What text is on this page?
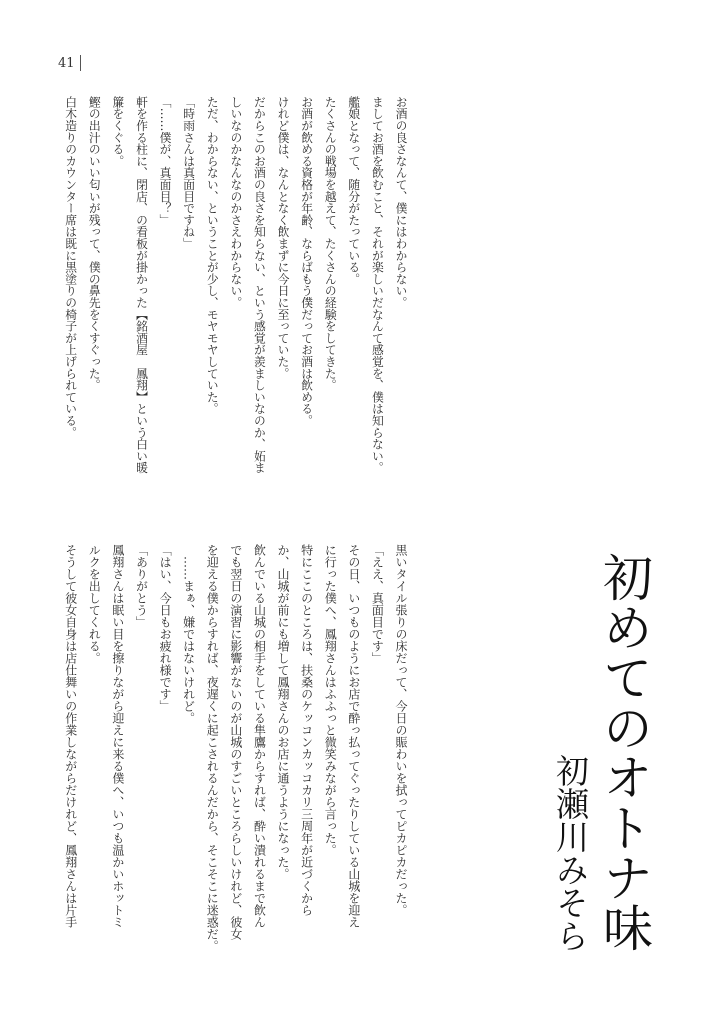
41
お酒の良さなんて、僕にはわからない。
ましてお酒を飲むこと、それが楽しいだなんて感覚を、僕は知らない。
艦娘となって、随分がたっている。
たくさんの戦場を越えて、たくさんの経験をしてきた。
お酒が飲める資格が年齢、ならばもう僕だってお酒は飲める。
けれど僕は、なんとなく飲まずに今日に至っていた。
だからこのお酒の良さを知らない、という感覚が羨ましいなのか、妬ま
しいなのかなんなのかさえわからない。
ただ、わからない、ということが少し、モヤモヤしていた。
「時雨さんは真面目ですね」
「……僕が、真面目？」
軒を作る柱に、閉店、の看板が掛かった【銘酒屋　鳳翔】という白い暖
簾をくぐる。
鰹の出汁のいい匂いが残って、僕の鼻先をくすぐった。
白木造りのカウンター席は既に黒塗りの椅子が上げられている。
黒いタイル張りの床だって、今日の賑わいを拭ってピカピカだった。
「ええ、真面目です」
その日、いつものようにお店で酔っ払ってぐったりしている山城を迎え
に行った僕へ、鳳翔さんはふふっと微笑みながら言った。
特にここのところは、扶桑のケッコンカッコカリ三周年が近づくから
か、山城が前にも増して鳳翔さんのお店に通うようになった。
飲んでいる山城の相手をしている隼鷹からすれば、酔い潰れるまで飲ん
でも翌日の演習に影響がないのが山城のすごいところらしいけれど、彼女
を迎える僕からすれば、夜遅くに起こされるんだから、そこそこに迷惑だ。
……まぁ、嫌ではないけれど。
「はい、今日もお疲れ様です」
「ありがとう」
鳳翔さんは眠い目を擦りながら迎えに来る僕へ、いつも温かいホットミ
ルクを出してくれる。
そうして彼女自身は店仕舞いの作業しながらだけれど、鳳翔さんは片手	初めてのオトナ味
初瀬川みそら
